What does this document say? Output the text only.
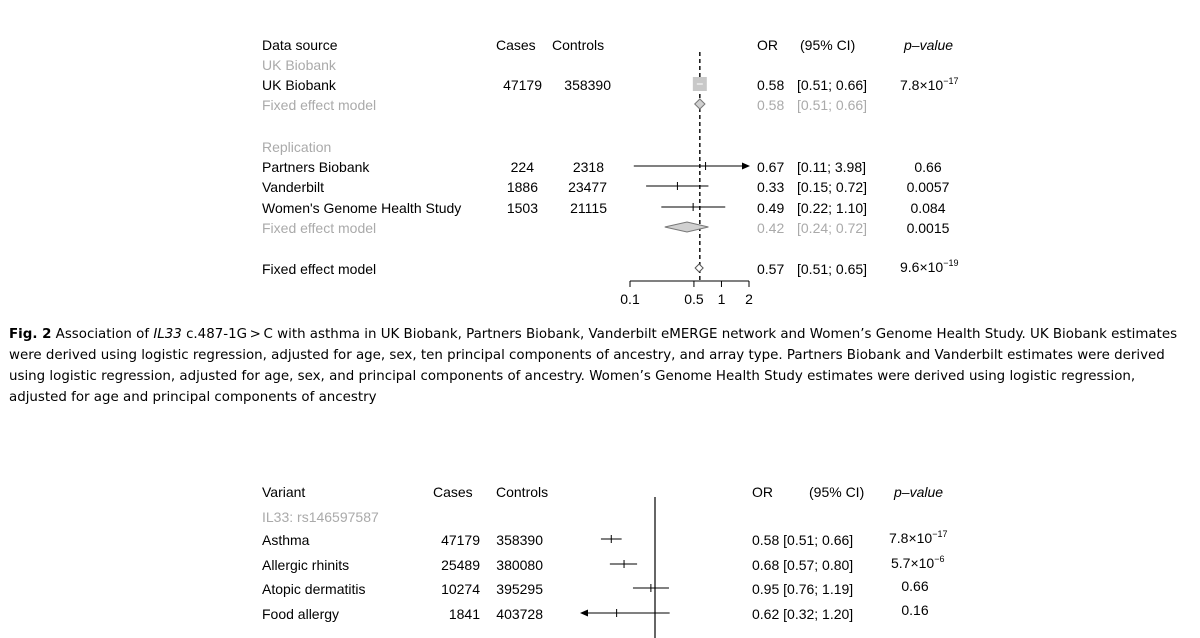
Data source	Cases Controls	OR (95% CI)	p–value
UK Biobank
UK Biobank	47179	358390	0.58 [0.51; 0.66] $7.8\times 10^{-17}$
Fixed effect model	0.58 [0.51; 0.66]
Replication
Partners Biobank	224	2318	0.67 [0.11; 3.98]	0.66
Vanderbilt	1886	23477	0.33 [0.15; 0.72]	0.0057
Women's Genome Health Study	1503	21115	0.49 [0.22; 1.10]	0.084
Fixed effect model	0.42 [0.24; 0.72]	0.0015
Fixed effect model	0.57 [0.51; 0.65] $9.6\times 10^{-19}$
Fig. 2 Association of IL33 c.487-1G > C with asthma in UK Biobank, Partners Biobank, Vanderbilt eMERGE network and Women’s Genome Health Study. UK Biobank estimates were derived using logistic regression, adjusted for age, sex, ten principal components of ancestry, and array type. Partners Biobank and Vanderbilt estimates were derived using logistic regression, adjusted for age, sex, and principal components of ancestry. Women’s Genome Health Study estimates were derived using logistic regression, adjusted for age and principal components of ancestry
Variant	Cases Controls	OR	(95% CI) p–value
IL33: rs146597587
Asthma	47179	358390	0.58 [0.51; 0.66]	$7.8\times 10^{-17}$
Allergic rhinits	25489	380080	0.68 [0.57; 0.80]	$5.7\times 10^{-6}$
Atopic dermatitis	10274	395295	0.95 [0.76; 1.19]	0.66
Food allergy	1841	403728	0.62 [0.32; 1.20]	0.16
0.1	0.5 1 2
